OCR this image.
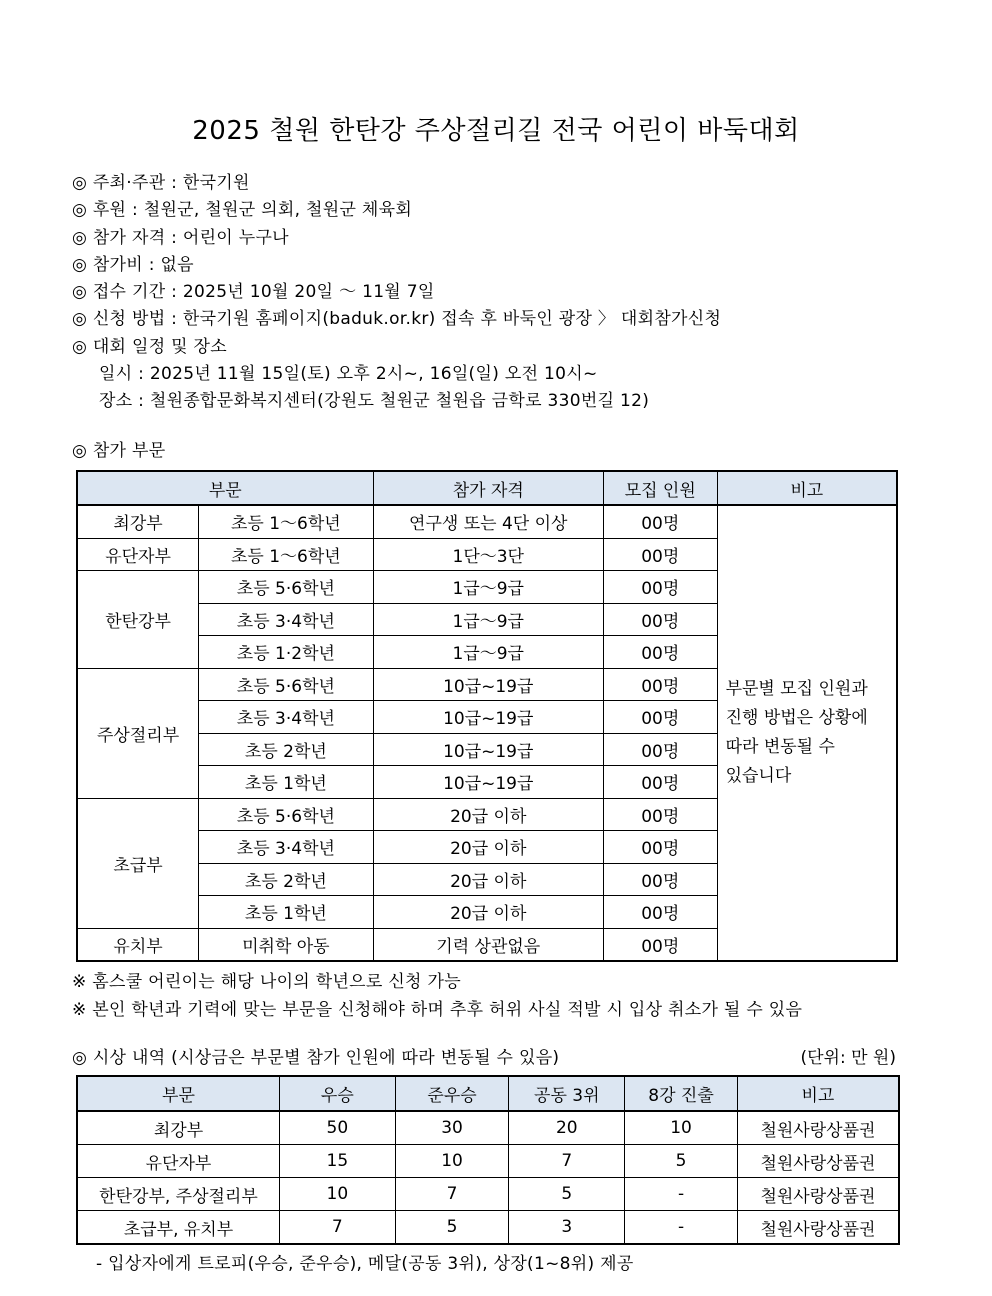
2025 철원 한탄강 주상절리길 전국 어린이 바둑대회
◎ 주최·주관 : 한국기원
◎ 후원 : 철원군, 철원군 의회, 철원군 체육회
◎ 참가 자격 : 어린이 누구나
◎ 참가비 : 없음
◎ 접수 기간 : 2025년 10월 20일 ～ 11월 7일
◎ 신청 방법 : 한국기원 홈페이지(baduk.or.kr) 접속 후 바둑인 광장 〉 대회참가신청
◎ 대회 일정 및 장소
일시 : 2025년 11월 15일(토) 오후 2시~, 16일(일) 오전 10시~
장소 : 철원종합문화복지센터(강원도 철원군 철원읍 금학로 330번길 12)
◎ 참가 부문
부문		참가 자격	모집 인원	비고
최강부	초등 1～6학년	연구생 또는 4단 이상	00명	부문별 모집 인원과
진행 방법은 상황에
따라 변동될 수
있습니다

유단자부	초등 1～6학년	1단～3단	00명	
한탄강부	초등 5·6학년	1급～9급	00명	
	초등 3·4학년	1급～9급	00명	
	초등 1·2학년	1급～9급	00명	
주상절리부	초등 5·6학년	10급~19급	00명	
	초등 3·4학년	10급~19급	00명	
	초등 2학년	10급~19급	00명	
	초등 1학년	10급~19급	00명	
초급부	초등 5·6학년	20급 이하	00명	
	초등 3·4학년	20급 이하	00명	
	초등 2학년	20급 이하	00명	
	초등 1학년	20급 이하	00명	
유치부	미취학 아동	기력 상관없음	00명	
※ 홈스쿨 어린이는 해당 나이의 학년으로 신청 가능
※ 본인 학년과 기력에 맞는 부문을 신청해야 하며 추후 허위 사실 적발 시 입상 취소가 될 수 있음
◎ 시상 내역 (시상금은 부문별 참가 인원에 따라 변동될 수 있음)	(단위: 만 원)
부문	우승	준우승	공동 3위	8강 진출	비고
최강부	50	30	20	10	철원사랑상품권
유단자부	15	10	7	5	철원사랑상품권
한탄강부, 주상절리부	10	7	5	-	철원사랑상품권
초급부, 유치부	7	5	3	-	철원사랑상품권
- 입상자에게 트로피(우승, 준우승), 메달(공동 3위), 상장(1~8위) 제공
